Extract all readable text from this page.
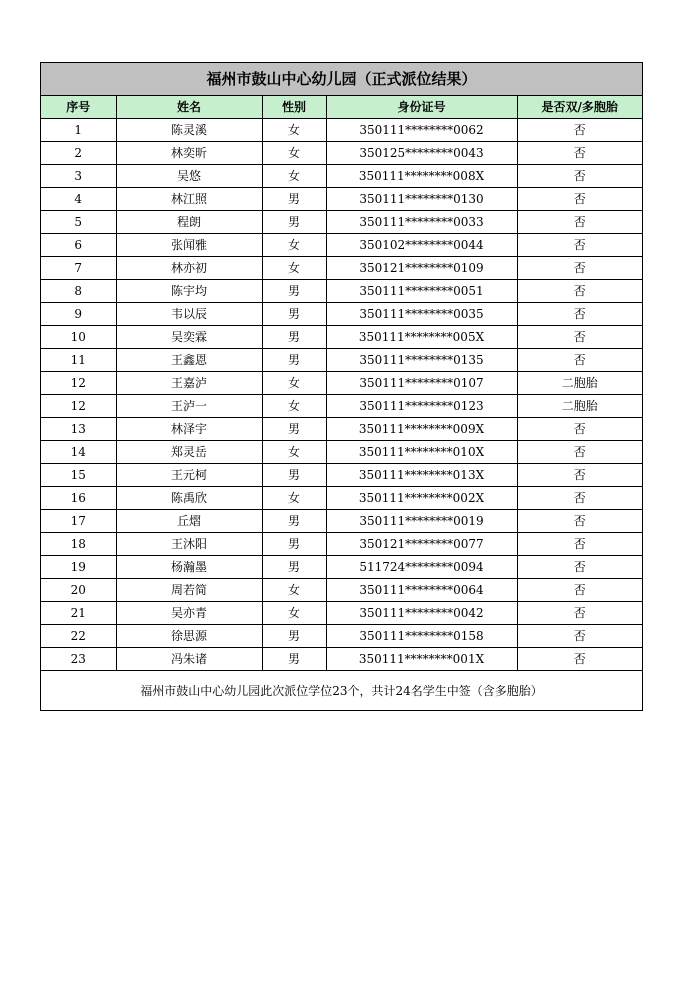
福州市鼓山中心幼儿园（正式派位结果）				
序号	姓名	性别	身份证号	是否双/多胞胎
1	陈灵溪	女	350111********0062	否
2	林奕昕	女	350125********0043	否
3	吴悠	女	350111********008X	否
4	林江照	男	350111********0130	否
5	程朗	男	350111********0033	否
6	张闻雅	女	350102********0044	否
7	林亦初	女	350121********0109	否
8	陈宇均	男	350111********0051	否
9	韦以辰	男	350111********0035	否
10	吴奕霖	男	350111********005X	否
11	王鑫恩	男	350111********0135	否
12	王嘉泸	女	350111********0107	二胞胎
12	王泸一	女	350111********0123	二胞胎
13	林泽宇	男	350111********009X	否
14	郑灵岳	女	350111********010X	否
15	王元柯	男	350111********013X	否
16	陈禹欣	女	350111********002X	否
17	丘熠	男	350111********0019	否
18	王沐阳	男	350121********0077	否
19	杨瀚墨	男	511724********0094	否
20	周若简	女	350111********0064	否
21	吴亦青	女	350111********0042	否
22	徐思源	男	350111********0158	否
23	冯朱诸	男	350111********001X	否
福州市鼓山中心幼儿园此次派位学位23个，共计24名学生中签（含多胞胎）				
